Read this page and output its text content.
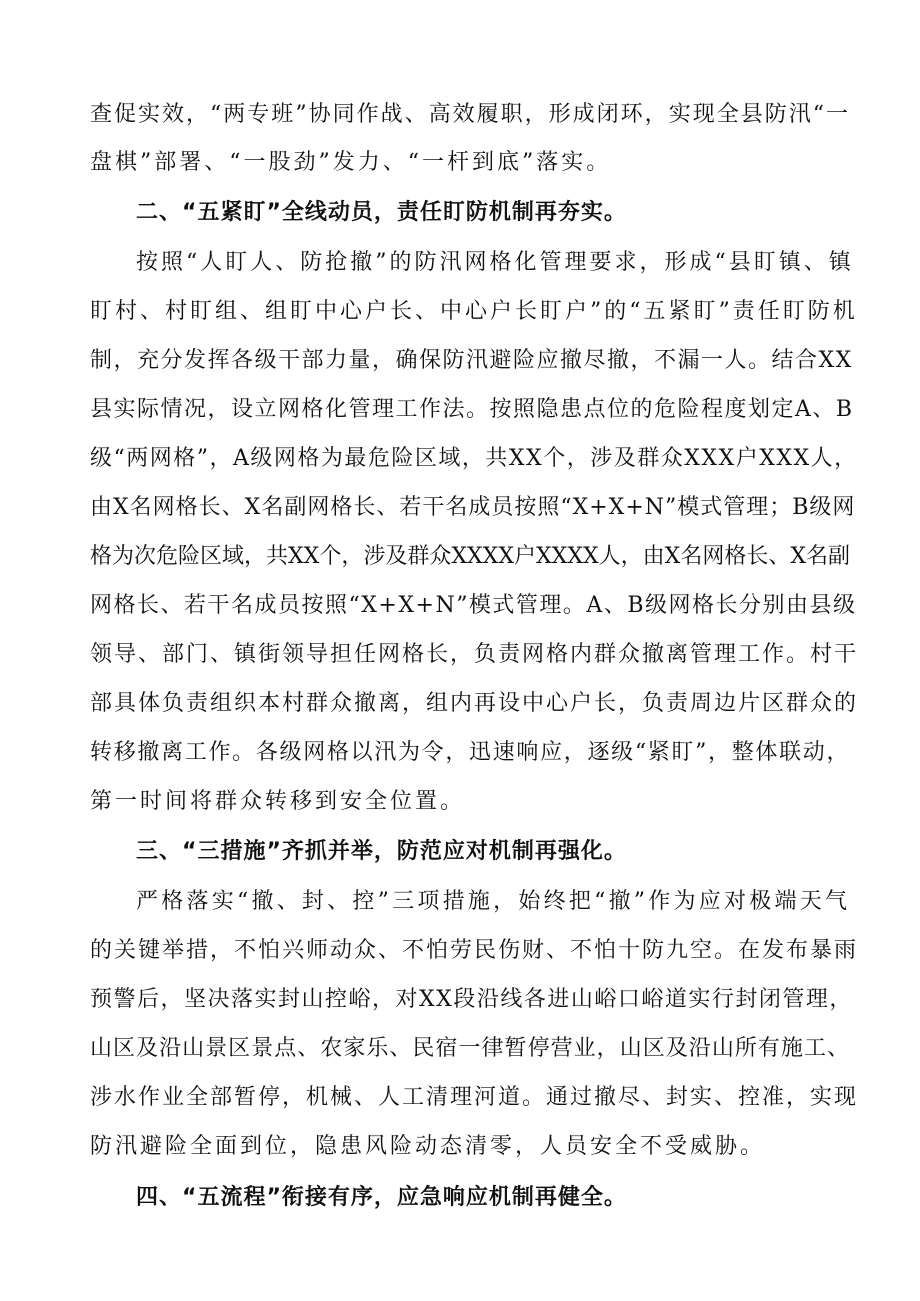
查促实效，“两专班”协同作战、高效履职，形成闭环，实现全县防汛“一
盘棋”部署、“一股劲”发力、“一杆到底”落实。
二、“五紧盯”全线动员，责任盯防机制再夯实。
按照“人盯人、防抢撤”的防汛网格化管理要求，形成“县盯镇、镇
盯村、村盯组、组盯中心户长、中心户长盯户”的“五紧盯”责任盯防机
制，充分发挥各级干部力量，确保防汛避险应撤尽撤，不漏一人。结合XX
县实际情况，设立网格化管理工作法。按照隐患点位的危险程度划定A、B
级“两网格”，A级网格为最危险区域，共XX个，涉及群众XXX户XXX人，
由X名网格长、X名副网格长、若干名成员按照“X+X+N”模式管理；B级网
格为次危险区域，共XX个，涉及群众XXXX户XXXX人，由X名网格长、X名副
网格长、若干名成员按照“X+X+N”模式管理。A、B级网格长分别由县级
领导、部门、镇街领导担任网格长，负责网格内群众撤离管理工作。村干
部具体负责组织本村群众撤离，组内再设中心户长，负责周边片区群众的
转移撤离工作。各级网格以汛为令，迅速响应，逐级“紧盯”，整体联动，
第一时间将群众转移到安全位置。
三、“三措施”齐抓并举，防范应对机制再强化。
严格落实“撤、封、控”三项措施，始终把“撤”作为应对极端天气
的关键举措，不怕兴师动众、不怕劳民伤财、不怕十防九空。在发布暴雨
预警后，坚决落实封山控峪，对XX段沿线各进山峪口峪道实行封闭管理，
山区及沿山景区景点、农家乐、民宿一律暂停营业，山区及沿山所有施工、
涉水作业全部暂停，机械、人工清理河道。通过撤尽、封实、控准，实现
防汛避险全面到位，隐患风险动态清零，人员安全不受威胁。
四、“五流程”衔接有序，应急响应机制再健全。
